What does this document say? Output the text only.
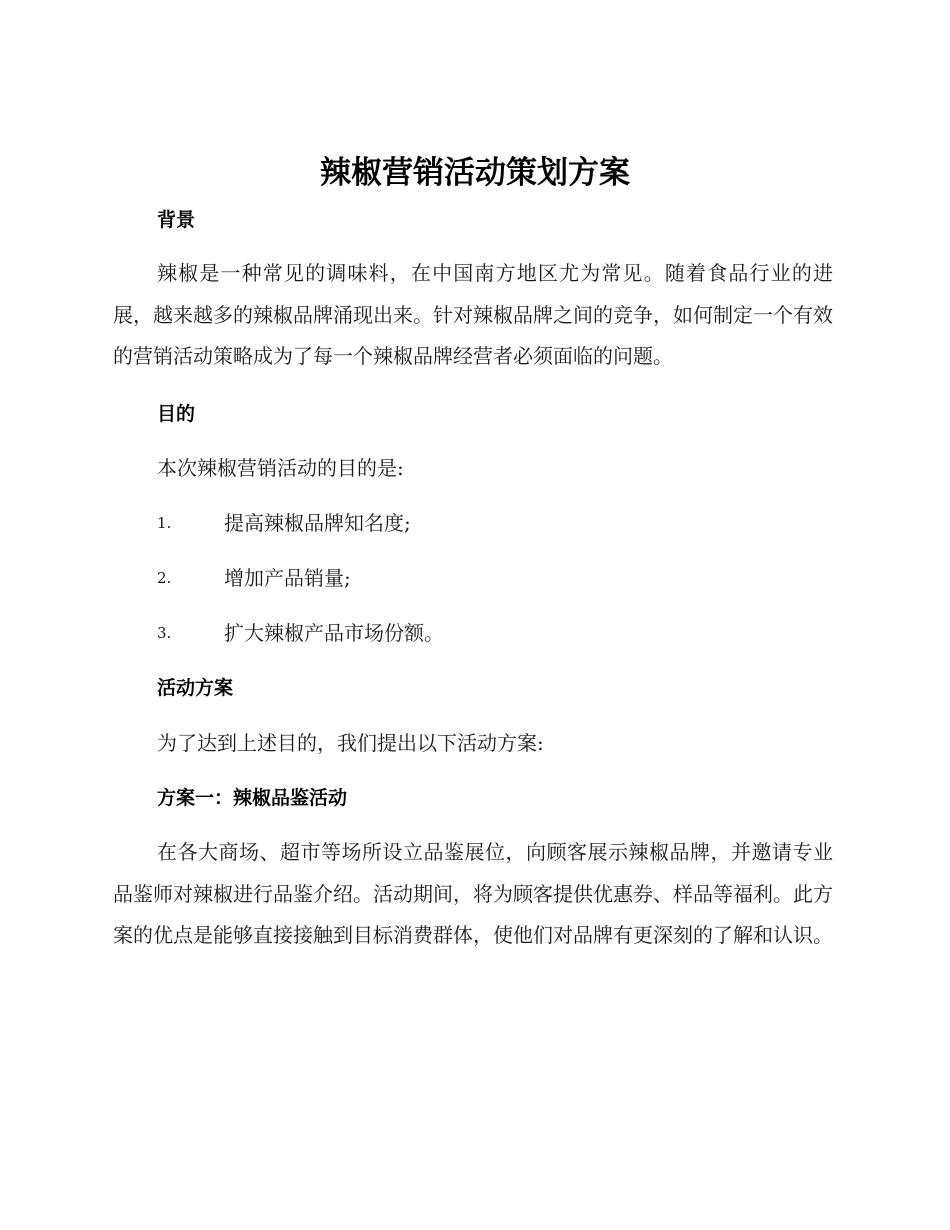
辣椒营销活动策划方案
背景

辣椒是一种常见的调味料，在中国南方地区尤为常见。随着食品行业的进展，越来越多的辣椒品牌涌现出来。针对辣椒品牌之间的竞争，如何制定一个有效的营销活动策略成为了每一个辣椒品牌经营者必须面临的问题。

目的

本次辣椒营销活动的目的是:

1.	提高辣椒品牌知名度;
2.	增加产品销量;
3.	扩大辣椒产品市场份额。
活动方案

为了达到上述目的，我们提出以下活动方案:

方案一：辣椒品鉴活动

在各大商场、超市等场所设立品鉴展位，向顾客展示辣椒品牌，并邀请专业品鉴师对辣椒进行品鉴介绍。活动期间，将为顾客提供优惠券、样品等福利。此方案的优点是能够直接接触到目标消费群体，使他们对品牌有更深刻的了解和认识。
